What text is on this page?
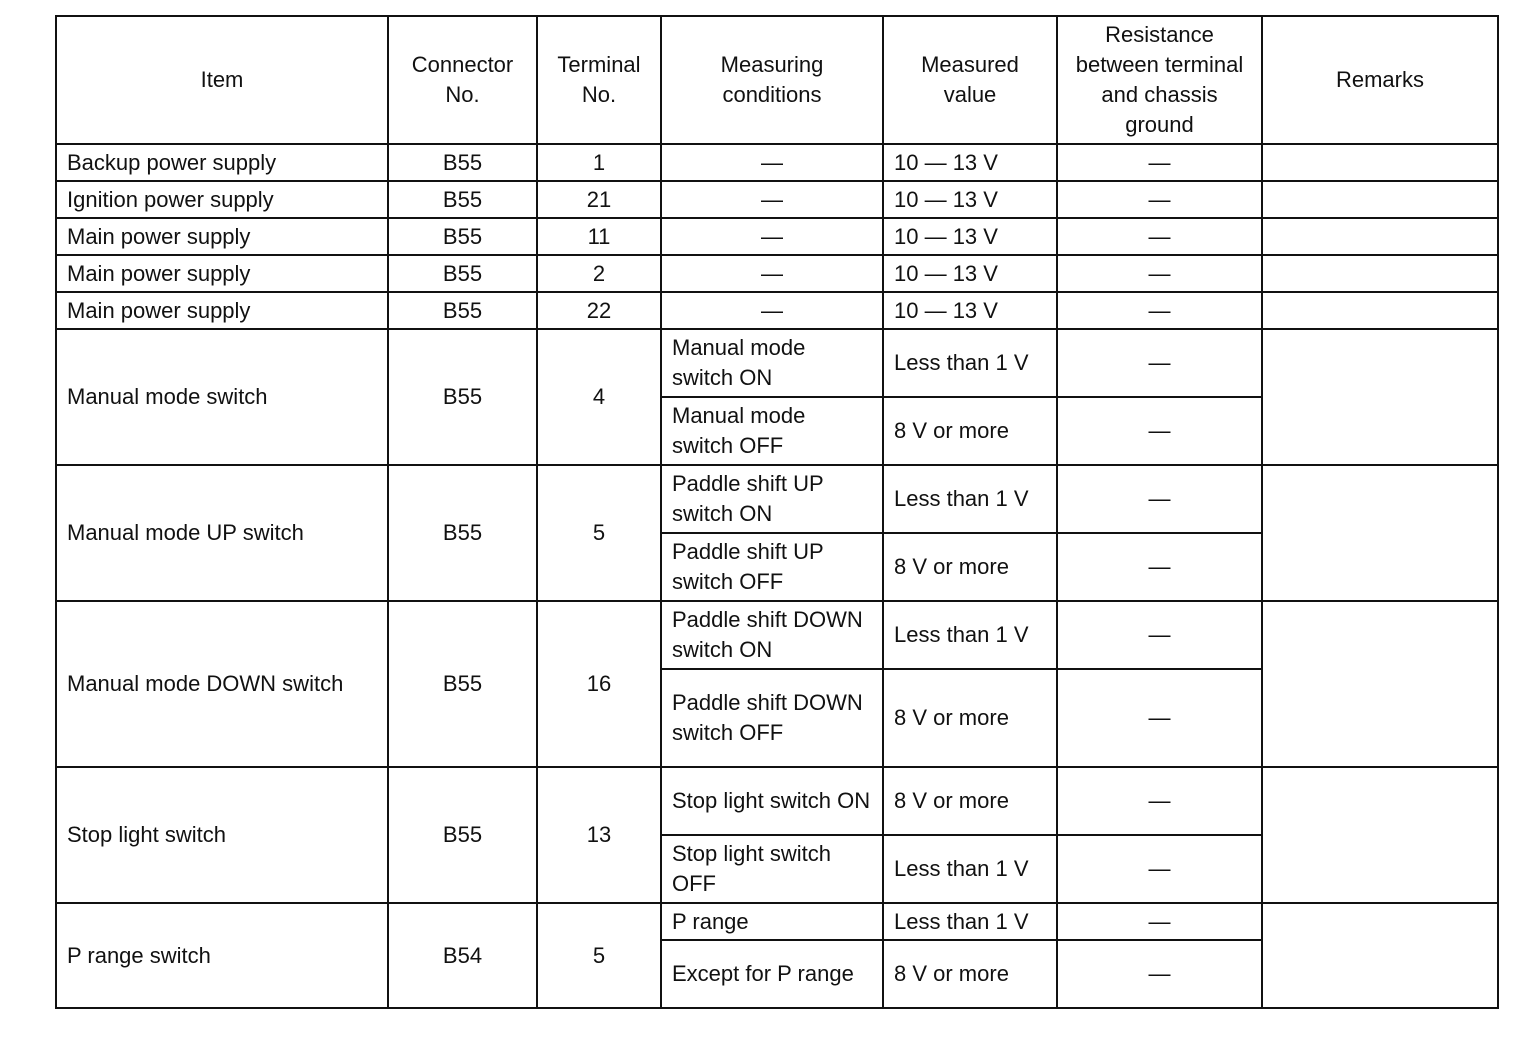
Item	Connector No.	Terminal No.	Measuring conditions	Measured value	Resistance between terminal and chassis ground	Remarks
Backup power supply	B55	1	—	10 — 13 V	—	
Ignition power supply	B55	21	—	10 — 13 V	—	
Main power supply	B55	11	—	10 — 13 V	—	
Main power supply	B55	2	—	10 — 13 V	—	
Main power supply	B55	22	—	10 — 13 V	—	
Manual mode switch	B55	4	Manual mode switch ON	Less than 1 V	—	
			Manual mode switch OFF	8 V or more	—	
Manual mode UP switch	B55	5	Paddle shift UP switch ON	Less than 1 V	—	
			Paddle shift UP switch OFF	8 V or more	—	
Manual mode DOWN switch	B55	16	Paddle shift DOWN switch ON	Less than 1 V	—	
			Paddle shift DOWN switch OFF	8 V or more	—	
Stop light switch	B55	13	Stop light switch ON	8 V or more	—	
			Stop light switch OFF	Less than 1 V	—	
P range switch	B54	5	P range	Less than 1 V	—	
			Except for P range	8 V or more	—	
